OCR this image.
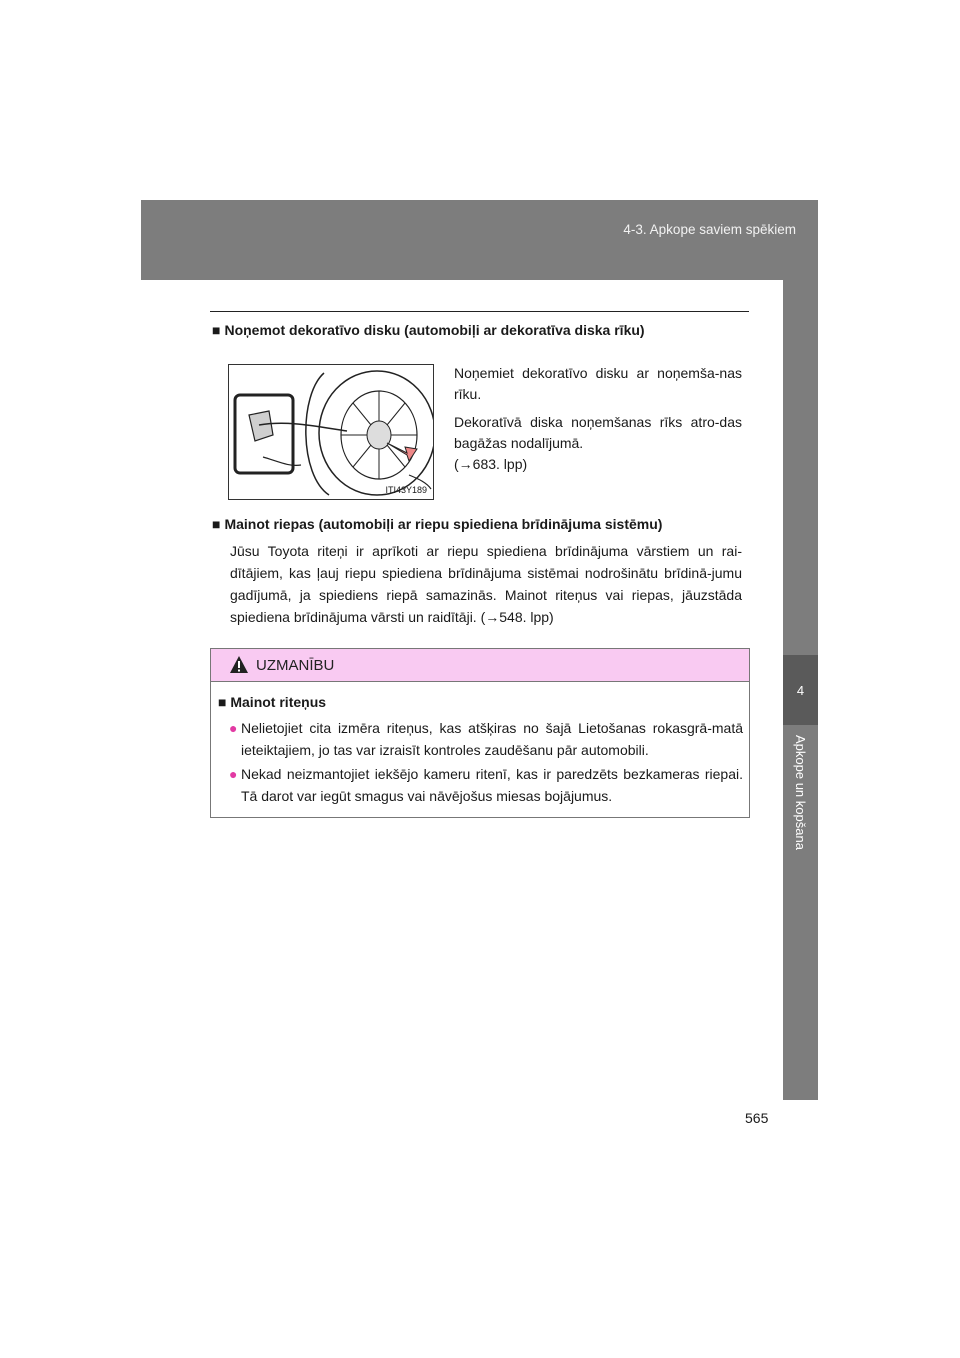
4-3. Apkope saviem spēkiem
4
Apkope un kopšana
■ Noņemot dekoratīvo disku (automobiļi ar dekoratīva diska rīku)
ITI43Y189
Noņemiet dekoratīvo disku ar noņemša-nas rīku.
Dekoratīvā diska noņemšanas rīks atro-das bagāžas nodalījumā.
(→683. lpp)
■ Mainot riepas (automobiļi ar riepu spiediena brīdinājuma sistēmu)
Jūsu Toyota riteņi ir aprīkoti ar riepu spiediena brīdinājuma vārstiem un rai-dītājiem, kas ļauj riepu spiediena brīdinājuma sistēmai nodrošinātu brīdinā-jumu gadījumā, ja spiediens riepā samazinās. Mainot riteņus vai riepas, jāuzstāda spiediena brīdinājuma vārsti un raidītāji. (→548. lpp)
UZMANĪBU
■ Mainot riteņus
● Nelietojiet cita izmēra riteņus, kas atšķiras no šajā Lietošanas rokasgrā-matā ieteiktajiem, jo tas var izraisīt kontroles zaudēšanu pār automobili.
● Nekad neizmantojiet iekšējo kameru ritenī, kas ir paredzēts bezkameras riepai. Tā darot var iegūt smagus vai nāvējošus miesas bojājumus.
565
